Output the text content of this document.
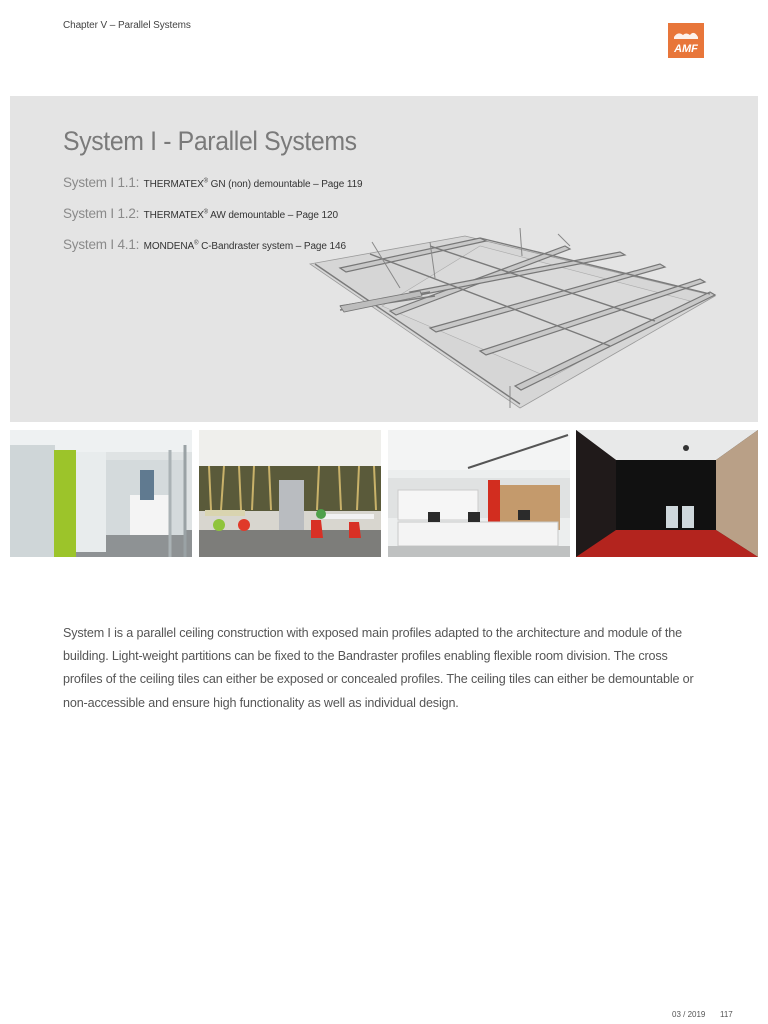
Chapter V – Parallel Systems
AMF
System I - Parallel Systems
System I 1.1: THERMATEX® GN (non) demountable – Page 119
System I 1.2: THERMATEX® AW demountable – Page 120
System I 4.1: MONDENA® C-Bandraster system – Page 146
System I is a parallel ceiling construction with exposed main profiles adapted to the architecture and module of the building. Light-weight partitions can be fixed to the Bandraster profiles enabling flexible room division. The cross profiles of the ceiling tiles can either be exposed or concealed profiles. The ceiling tiles can either be demountable or non-accessible and ensure high functionality as well as individual design.
03 / 2019 117
